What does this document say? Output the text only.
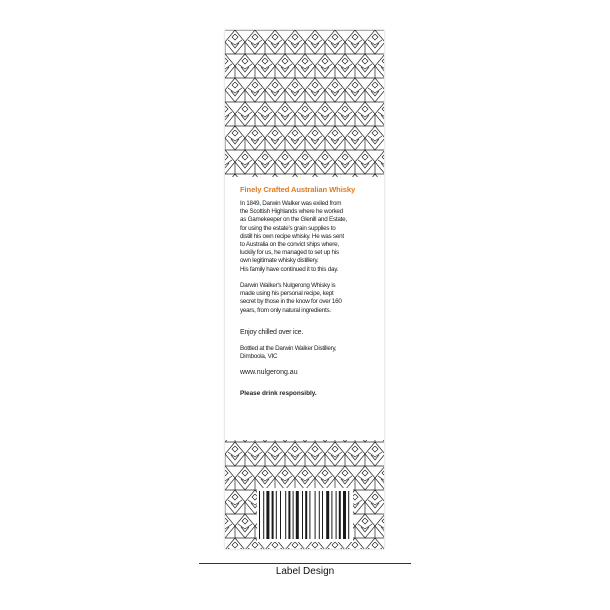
Finely Crafted Australian Whisky

In 1849, Darwin Walker was exiled from
the Scottish Highlands where he worked
as Gamekeeper on the Glenill and Estate,
for using the estate's grain supplies to
distill his own recipe whisky. He was sent
to Australia on the convict ships where,
luckily for us, he managed to set up his
own legitimate whisky distillery.
His family have continued it to this day.

Darwin Walker's Nulgerong Whisky is
made using his personal recipe, kept
secret by those in the know for over 160
years, from only natural ingredients.

Enjoy chilled over ice.

Bottled at the Darwin Walker Distillery,
Dimboola, VIC

www.nulgerong.au
Please drink responsibly.
Label Design
